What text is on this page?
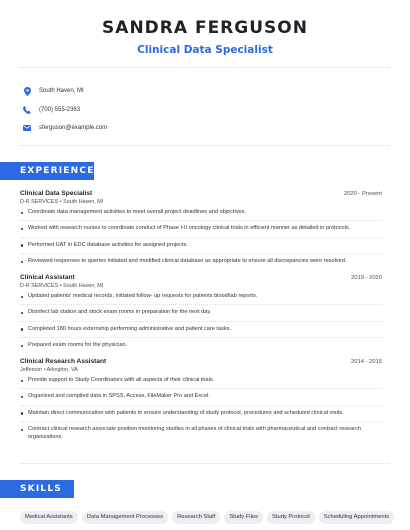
SANDRA FERGUSON
Clinical Data Specialist
South Haven, MI
(700) 555-2363
sferguson@example.com
EXPERIENCE
Clinical Data Specialist	2020 - Present
D-R SERVICES • South Haven, MI
Coordinate data management activities to meet overall project deadlines and objectives.
Worked with research nurses to coordinate conduct of Phase I-II oncology clinical trials in efficient manner as detailed in protocols.
Performed UAT in EDC database activities for assigned projects.
Reviewed responses to queries initiated and modified clinical database as appropriate to ensure all discrepancies were resolved.
Clinical Assistant	2019 - 2020
D-R SERVICES • South Haven, MI
Updated patients' medical records, initiated follow- up requests for patients blood\lab reports.
Disinfect lab station and stock exam rooms in preparation for the next day.
Completed 180 hours externship performing administrative and patient care tasks.
Prepared exam rooms for the physician.
Clinical Research Assistant	2014 - 2015
Jefferson • Arlington, VA
Provide support to Study Coordinators with all aspects of their clinical trials.
Organized and compiled data in SPSS, Access, FileMaker Pro and Excel.
Maintain direct communication with patients to ensure understanding of study protocol, procedures and scheduled clinical visits.
Contract clinical research associate position monitoring studies in all phases of clinical trials with pharmaceutical and contract research organizations.
SKILLS
Medical Assistants	Data Management Processes	Research Staff	Study Files	Study Protocol	Scheduling Appointments
